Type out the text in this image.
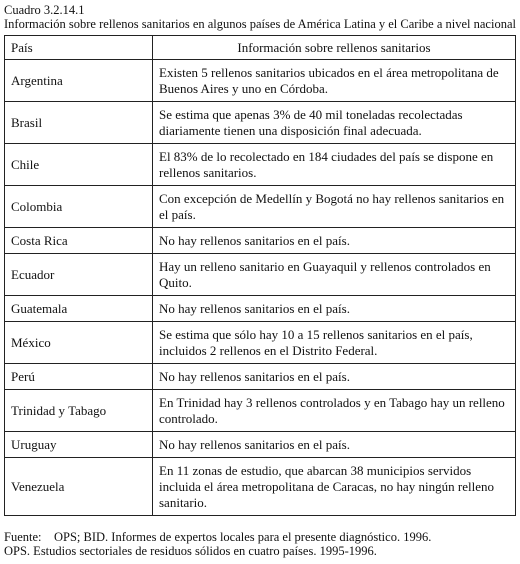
Cuadro 3.2.14.1
Información sobre rellenos sanitarios en algunos países de América Latina y el Caribe a nivel nacional
País	Información sobre rellenos sanitarios
Argentina	Existen 5 rellenos sanitarios ubicados en el área metropolitana de Buenos Aires y uno en Córdoba.
Brasil	Se estima que apenas 3% de 40 mil toneladas recolectadas diariamente tienen una disposición final adecuada.
Chile	El 83% de lo recolectado en 184 ciudades del país se dispone en rellenos sanitarios.
Colombia	Con excepción de Medellín y Bogotá no hay rellenos sanitarios en el país.
Costa Rica	No hay rellenos sanitarios en el país.
Ecuador	Hay un relleno sanitario en Guayaquil y rellenos controlados en Quito.
Guatemala	No hay rellenos sanitarios en el país.
México	Se estima que sólo hay 10 a 15 rellenos sanitarios en el país, incluidos 2 rellenos en el Distrito Federal.
Perú	No hay rellenos sanitarios en el país.
Trinidad y Tabago	En Trinidad hay 3 rellenos controlados y en Tabago hay un relleno controlado.
Uruguay	No hay rellenos sanitarios en el país.
Venezuela	En 11 zonas de estudio, que abarcan 38 municipios servidos incluida el área metropolitana de Caracas, no hay ningún relleno sanitario.
Fuente: OPS; BID. Informes de expertos locales para el presente diagnóstico. 1996.
OPS. Estudios sectoriales de residuos sólidos en cuatro países. 1995-1996.
